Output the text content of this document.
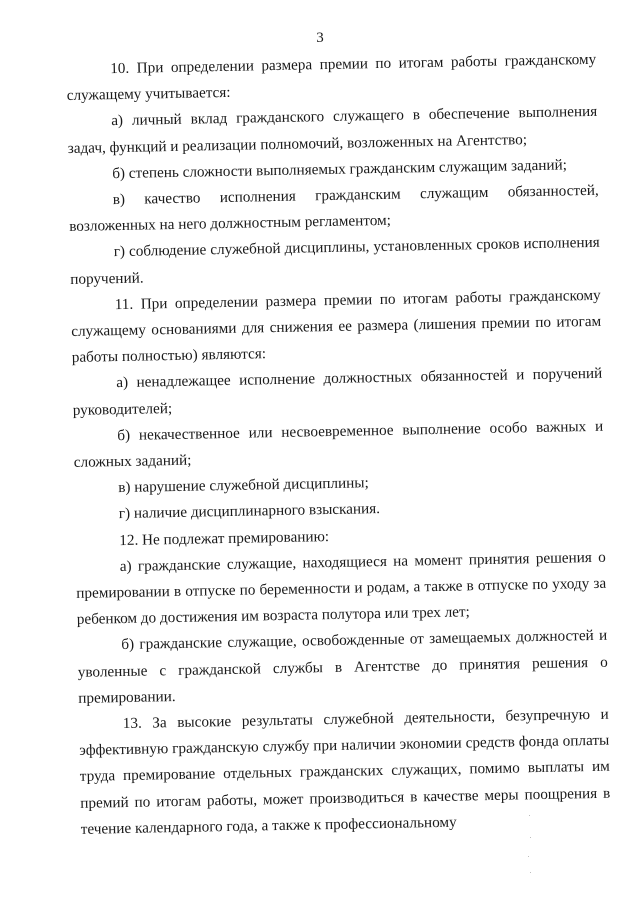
3

10. При определении размера премии по итогам работы гражданскому служащему учитывается:

а) личный вклад гражданского служащего в обеспечение выполнения задач, функций и реализации полномочий, возложенных на Агентство;

б) степень сложности выполняемых гражданским служащим заданий;

в) качество исполнения гражданским служащим обязанностей, возложенных на него должностным регламентом;

г) соблюдение служебной дисциплины, установленных сроков исполнения поручений.

11. При определении размера премии по итогам работы гражданскому служащему основаниями для снижения ее размера (лишения премии по итогам работы полностью) являются:

а) ненадлежащее исполнение должностных обязанностей и поручений руководителей;

б) некачественное или несвоевременное выполнение особо важных и сложных заданий;

в) нарушение служебной дисциплины;

г) наличие дисциплинарного взыскания.

12. Не подлежат премированию:

а) гражданские служащие, находящиеся на момент принятия решения о премировании в отпуске по беременности и родам, а также в отпуске по уходу за ребенком до достижения им возраста полутора или трех лет;

б) гражданские служащие, освобожденные от замещаемых должностей и уволенные с гражданской службы в Агентстве до принятия решения о премировании.

13. За высокие результаты служебной деятельности, безупречную и эффективную гражданскую службу при наличии экономии средств фонда оплаты труда премирование отдельных гражданских служащих, помимо выплаты им премий по итогам работы, может производиться в качестве меры поощрения в течение календарного года, а также к профессиональному
